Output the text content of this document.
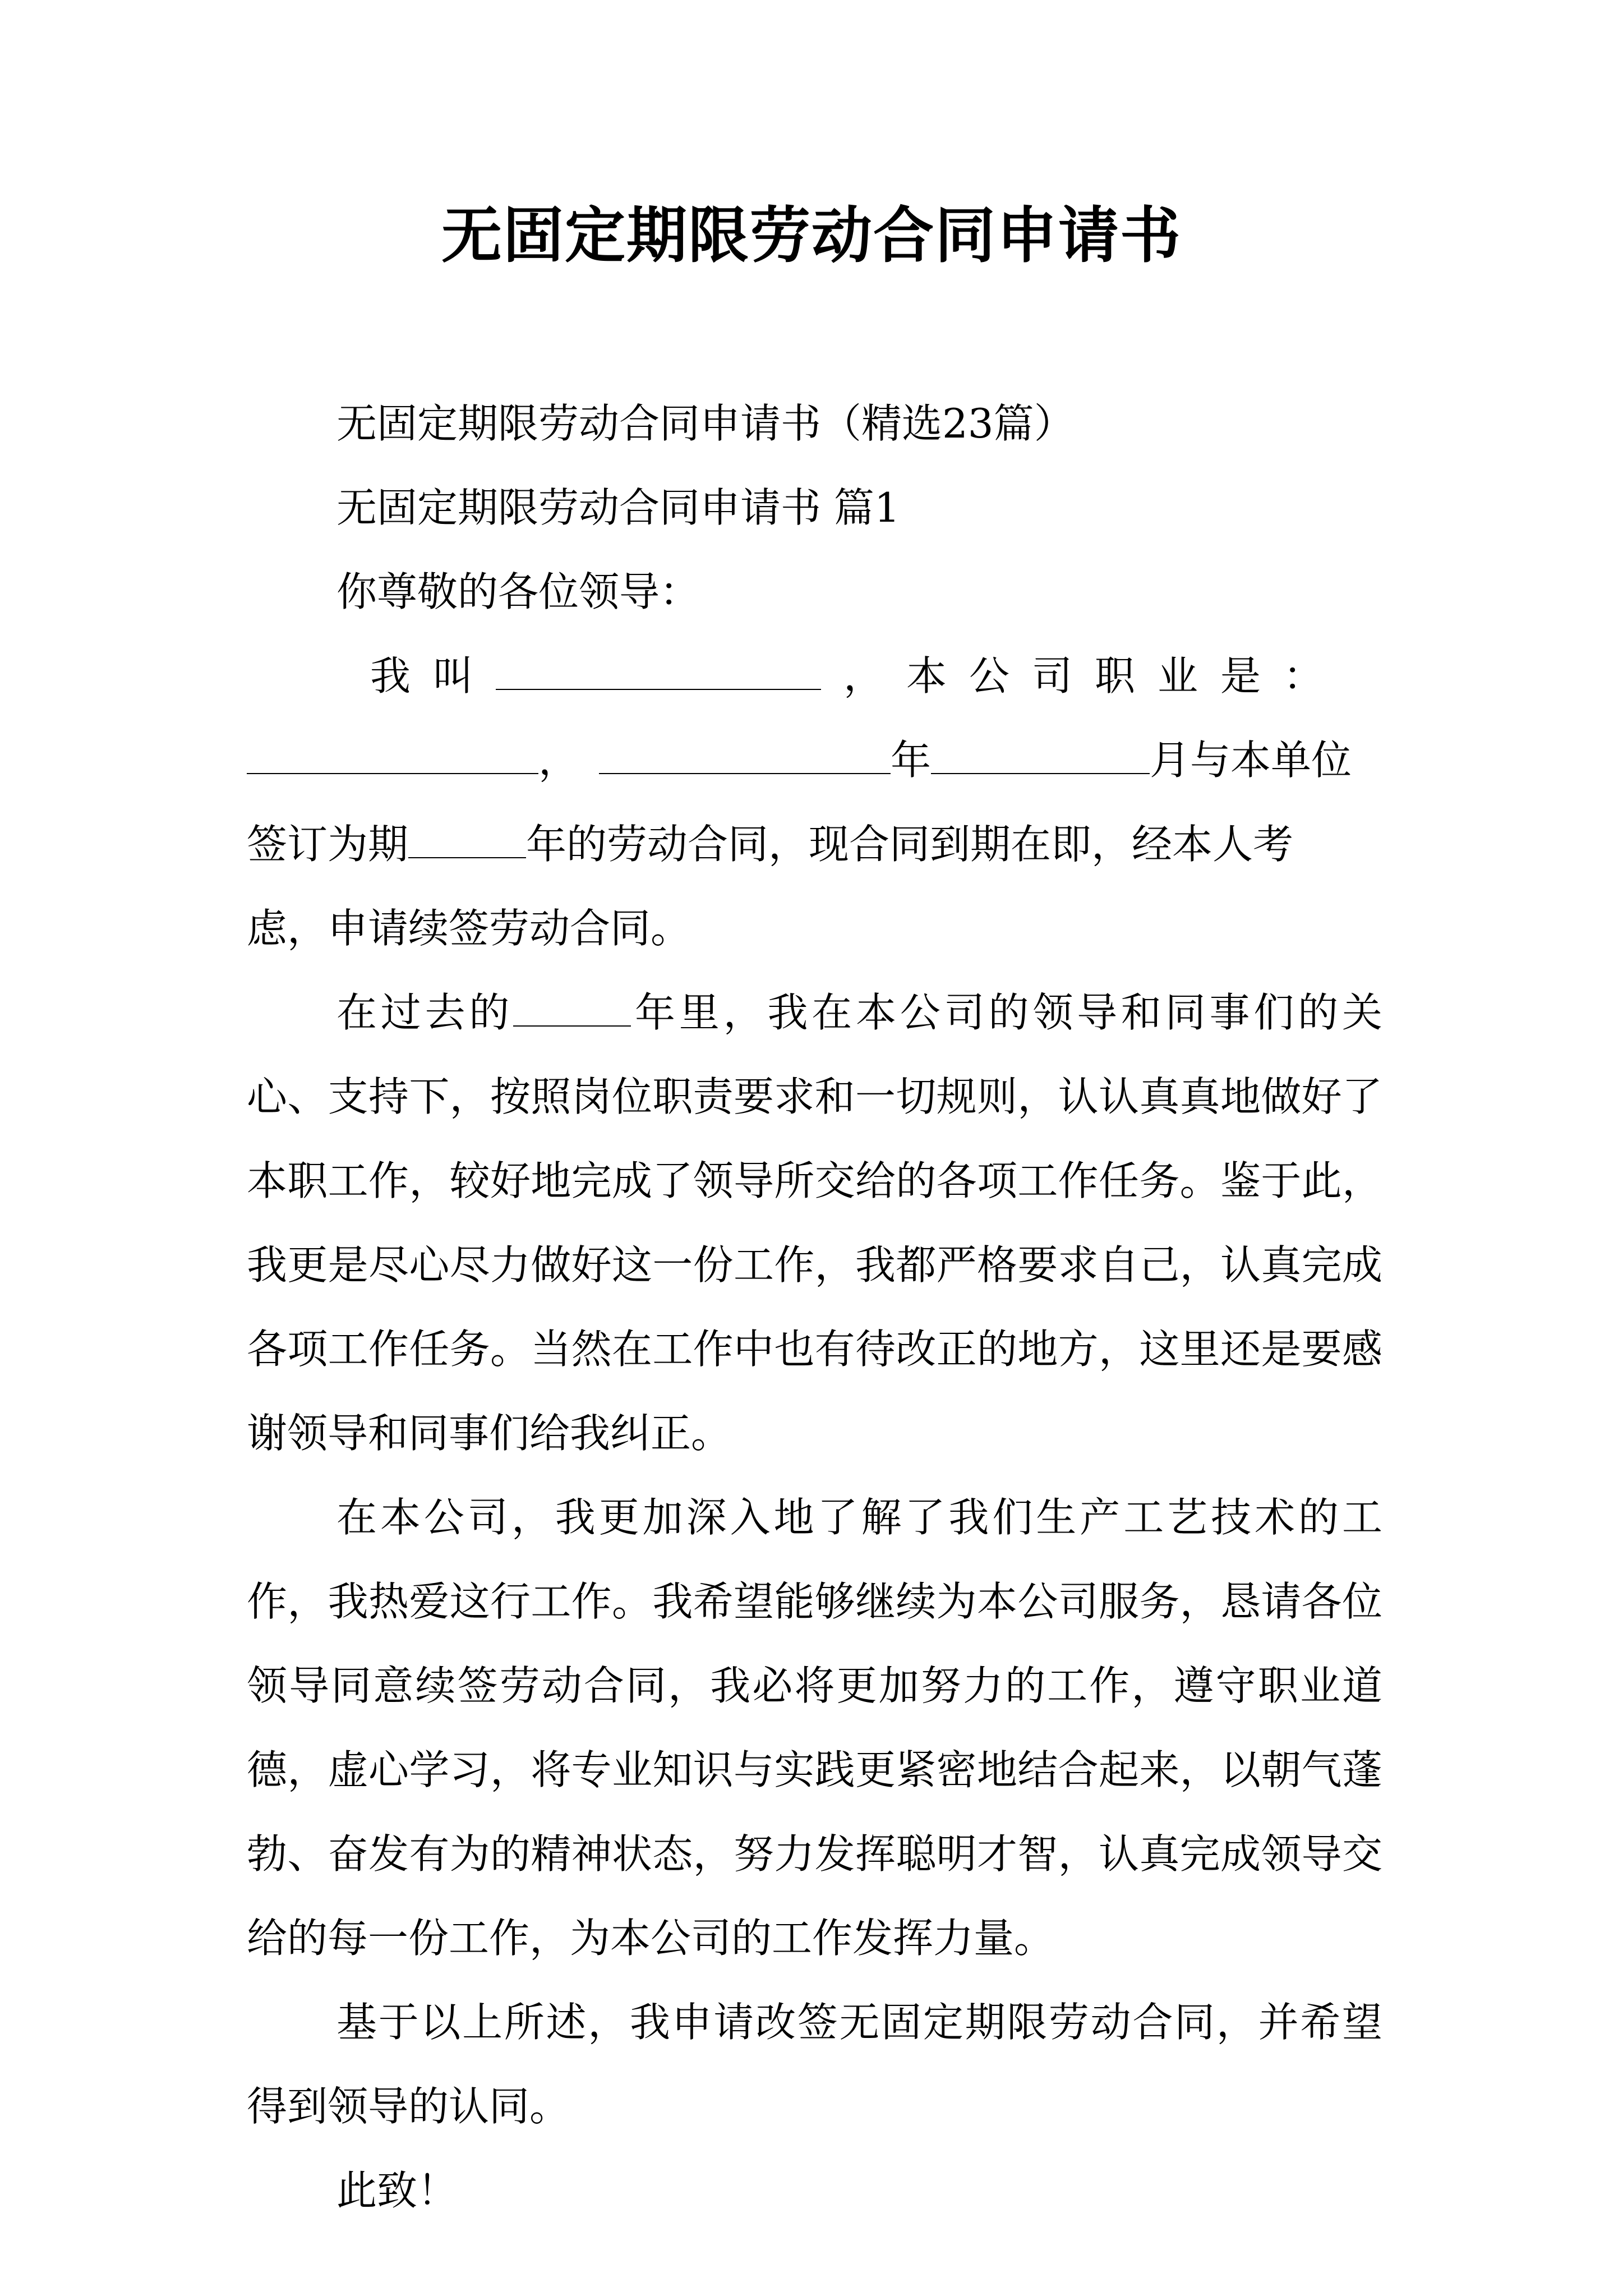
无固定期限劳动合同申请书
无固定期限劳动合同申请书（精选23篇）
无固定期限劳动合同申请书 篇1
你尊敬的各位领导：
我叫	，本公司职业是：
，	年	月与本单位
签订为期	年的劳动合同，现合同到期在即，经本人考
虑，申请续签劳动合同。

在过去的	年里，我在本公司的领导和同事们的关心、支持下，按照岗位职责要求和一切规则，认认真真地做好了本职工作，较好地完成了领导所交给的各项工作任务。鉴于此，我更是尽心尽力做好这一份工作，我都严格要求自己，认真完成各项工作任务。当然在工作中也有待改正的地方，这里还是要感谢领导和同事们给我纠正。

在本公司，我更加深入地了解了我们生产工艺技术的工作，我热爱这行工作。我希望能够继续为本公司服务，恳请各位领导同意续签劳动合同，我必将更加努力的工作，遵守职业道德，虚心学习，将专业知识与实践更紧密地结合起来，以朝气蓬勃、奋发有为的精神状态，努力发挥聪明才智，认真完成领导交给的每一份工作，为本公司的工作发挥力量。

基于以上所述，我申请改签无固定期限劳动合同，并希望得到领导的认同。

此致！
